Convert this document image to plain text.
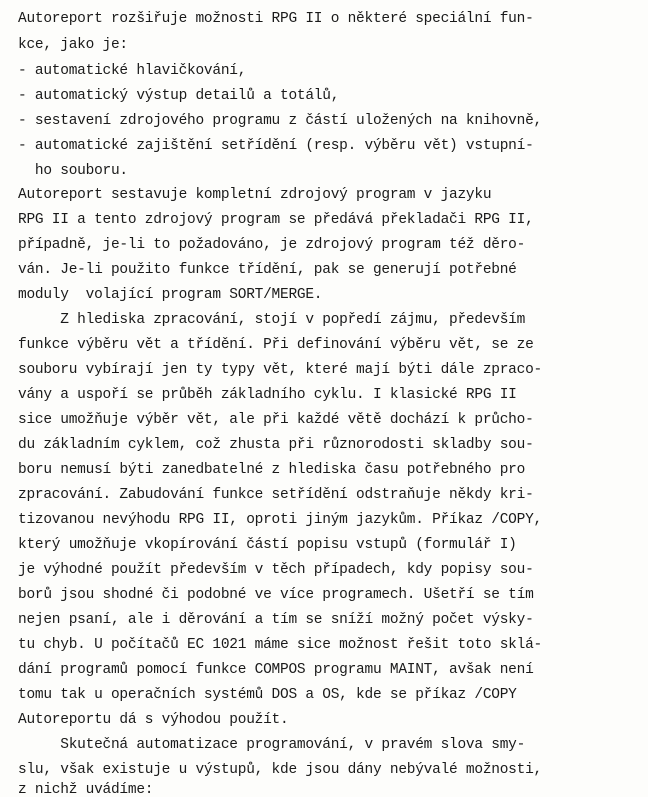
Autoreport rozšiřuje možnosti RPG II o některé speciální fun-
kce, jako je:
- automatické hlavičkování,
- automatický výstup detailů a totálů,
- sestavení zdrojového programu z částí uložených na knihovně,
- automatické zajištění setřídění (resp. výběru vět) vstupní-
ho souboru.
Autoreport sestavuje kompletní zdrojový program v jazyku
RPG II a tento zdrojový program se předává překladači RPG II,
případně, je-li to požadováno, je zdrojový program též děro-
ván. Je-li použito funkce třídění, pak se generují potřebné
moduly  volající program SORT/MERGE.
Z hlediska zpracování, stojí v popředí zájmu, především
funkce výběru vět a třídění. Při definování výběru vět, se ze
souboru vybírají jen ty typy vět, které mají býti dále zpraco-
vány a uspoří se průběh základního cyklu. I klasické RPG II
sice umožňuje výběr vět, ale při každé větě dochází k průcho-
du základním cyklem, což zhusta při různorodosti skladby sou-
boru nemusí býti zanedbatelné z hlediska času potřebného pro
zpracování. Zabudování funkce setřídění odstraňuje někdy kri-
tizovanou nevýhodu RPG II, oproti jiným jazykům. Příkaz /COPY,
který umožňuje vkopírování částí popisu vstupů (formulář I)
je výhodné použít především v těch případech, kdy popisy sou-
borů jsou shodné či podobné ve více programech. Ušetří se tím
nejen psaní, ale i děrování a tím se sníží možný počet výsky-
tu chyb. U počítačů EC 1021 máme sice možnost řešit toto sklá-
dání programů pomocí funkce COMPOS programu MAINT, avšak není
tomu tak u operačních systémů DOS a OS, kde se příkaz /COPY
Autoreportu dá s výhodou použít.
Skutečná automatizace programování, v pravém slova smy-
slu, však existuje u výstupů, kde jsou dány nebývalé možnosti,
z nichž uvádíme:
